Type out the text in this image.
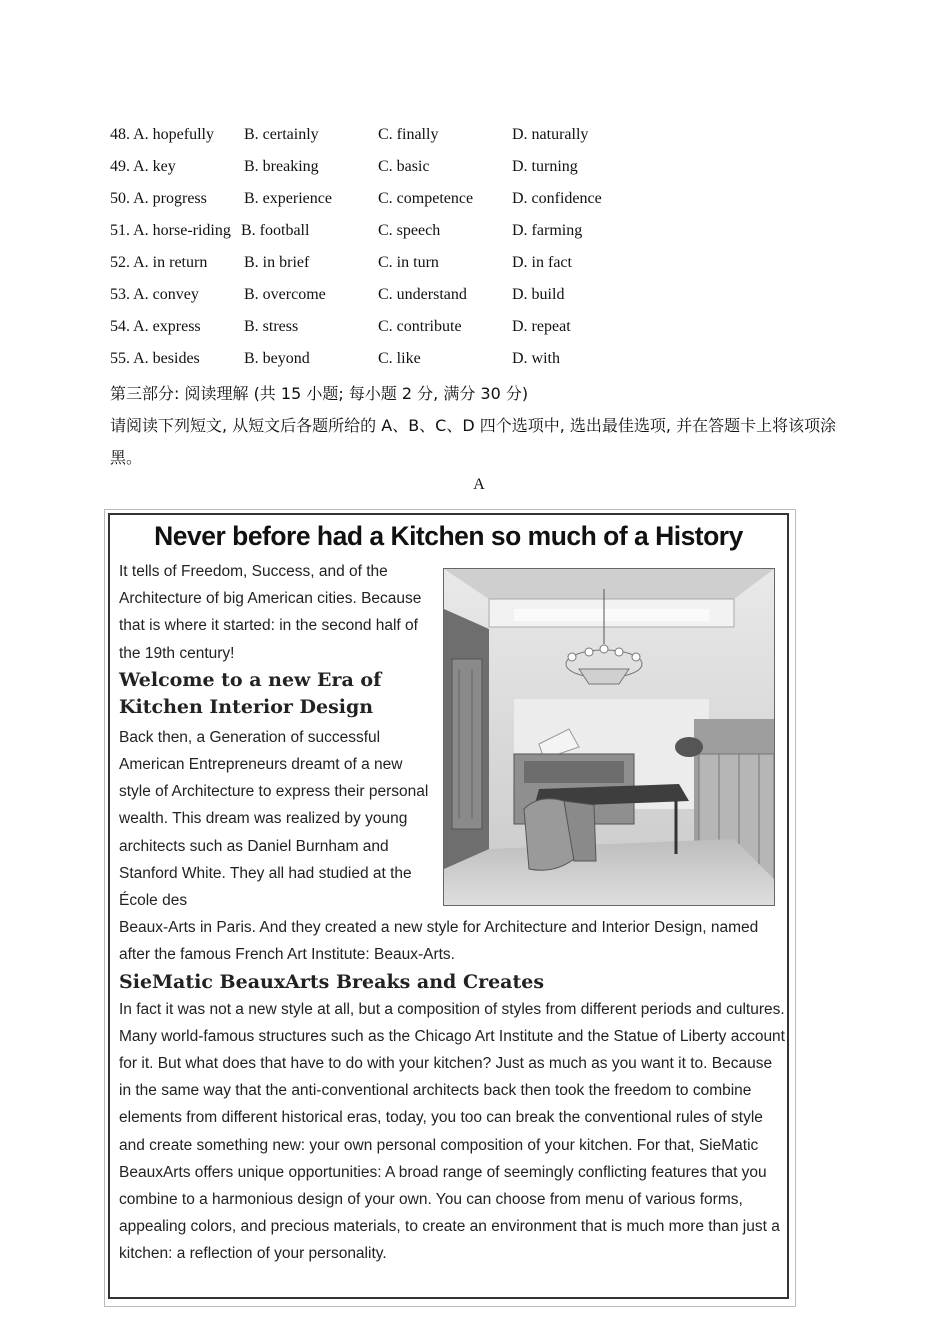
48. A. hopefully B. certainly	C. finally	D. naturally
49. A. key	B. breaking	C. basic	D. turning
50. A. progress B. experience	C. competence D. confidence
51. A. horse-riding B. football	C. speech	D. farming
52. A. in return B. in brief	C. in turn	D. in fact
53. A. convey	B. overcome	C. understand	D. build
54. A. express	B. stress	C. contribute	D. repeat
55. A. besides	B. beyond	C. like	D. with

第三部分: 阅读理解 (共 15 小题; 每小题 2 分, 满分 30 分)

请阅读下列短文, 从短文后各题所给的 A、B、C、D 四个选项中, 选出最佳选项, 并在答题卡上将该项涂黑。

A
Never before had a Kitchen so much of a History

It tells of Freedom, Success, and of the Architecture of big American cities. Because that is where it started: in the second half of the 19th century!

Welcome to a new Era of Kitchen Interior Design

Back then, a Generation of successful American Entrepreneurs dreamt of a new style of Architecture to express their personal wealth. This dream was realized by young architects such as Daniel Burnham and Stanford White. They all had studied at the École des

Beaux-Arts in Paris. And they created a new style for Architecture and Interior Design, named after the famous French Art Institute: Beaux-Arts.

SieMatic BeauxArts Breaks and Creates

In fact it was not a new style at all, but a composition of styles from different periods and cultures. Many world-famous structures such as the Chicago Art Institute and the Statue of Liberty account for it. But what does that have to do with your kitchen? Just as much as you want it to. Because in the same way that the anti-conventional architects back then took the freedom to combine elements from different historical eras, today, you too can break the conventional rules of style and create something new: your own personal composition of your kitchen. For that, SieMatic BeauxArts offers unique opportunities: A broad range of seemingly conflicting features that you combine to a harmonious design of your own. You can choose from menu of various forms, appealing colors, and precious materials, to create an environment that is much more than just a kitchen: a reflection of your personality.
